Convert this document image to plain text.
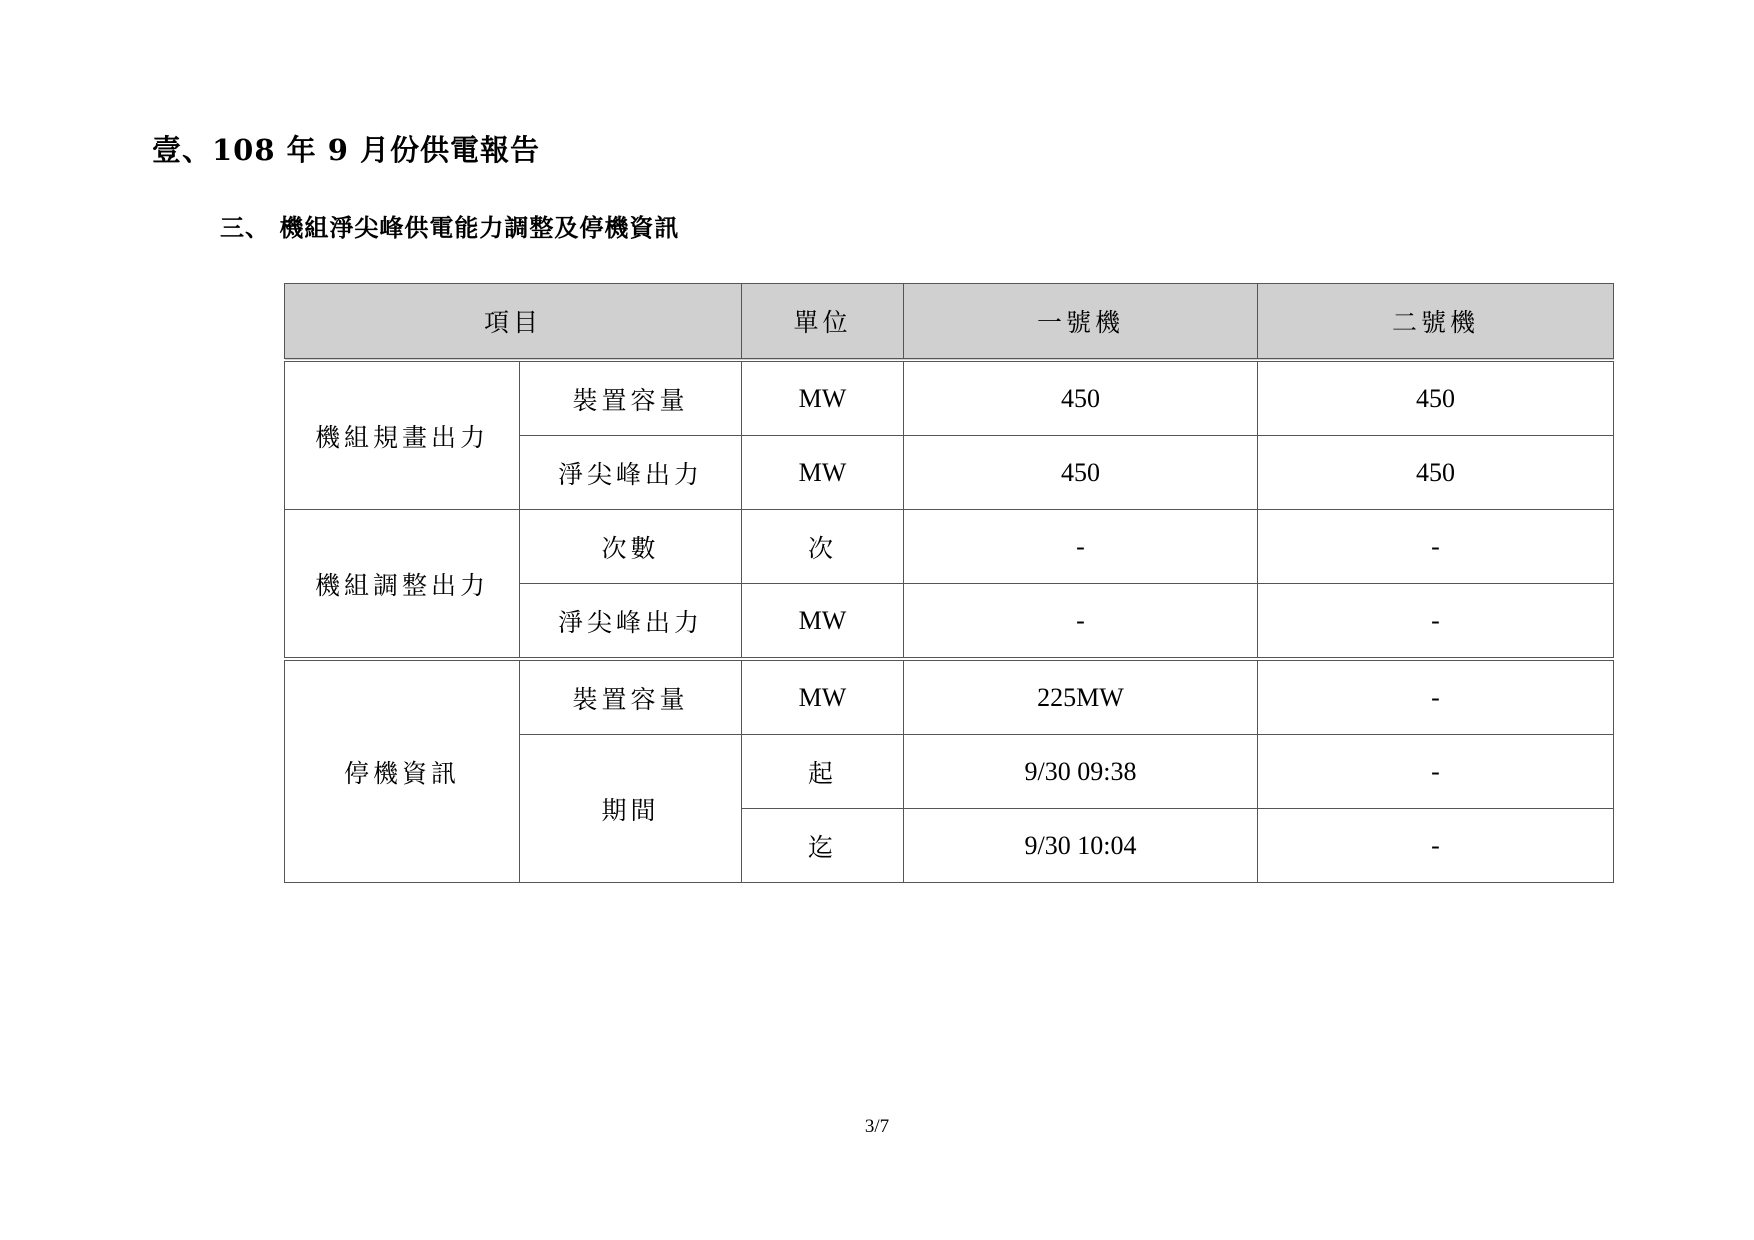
壹、108 年 9 月份供電報告
三、 機組淨尖峰供電能力調整及停機資訊
項目		單位	一號機	二號機
機組規畫出力	裝置容量	MW	450	450
	淨尖峰出力	MW	450	450
機組調整出力	次數	次	-	-
	淨尖峰出力	MW	-	-
停機資訊	裝置容量	MW	225MW	-
	期間	起	9/30 09:38	-
		迄	9/30 10:04	-
3/7
